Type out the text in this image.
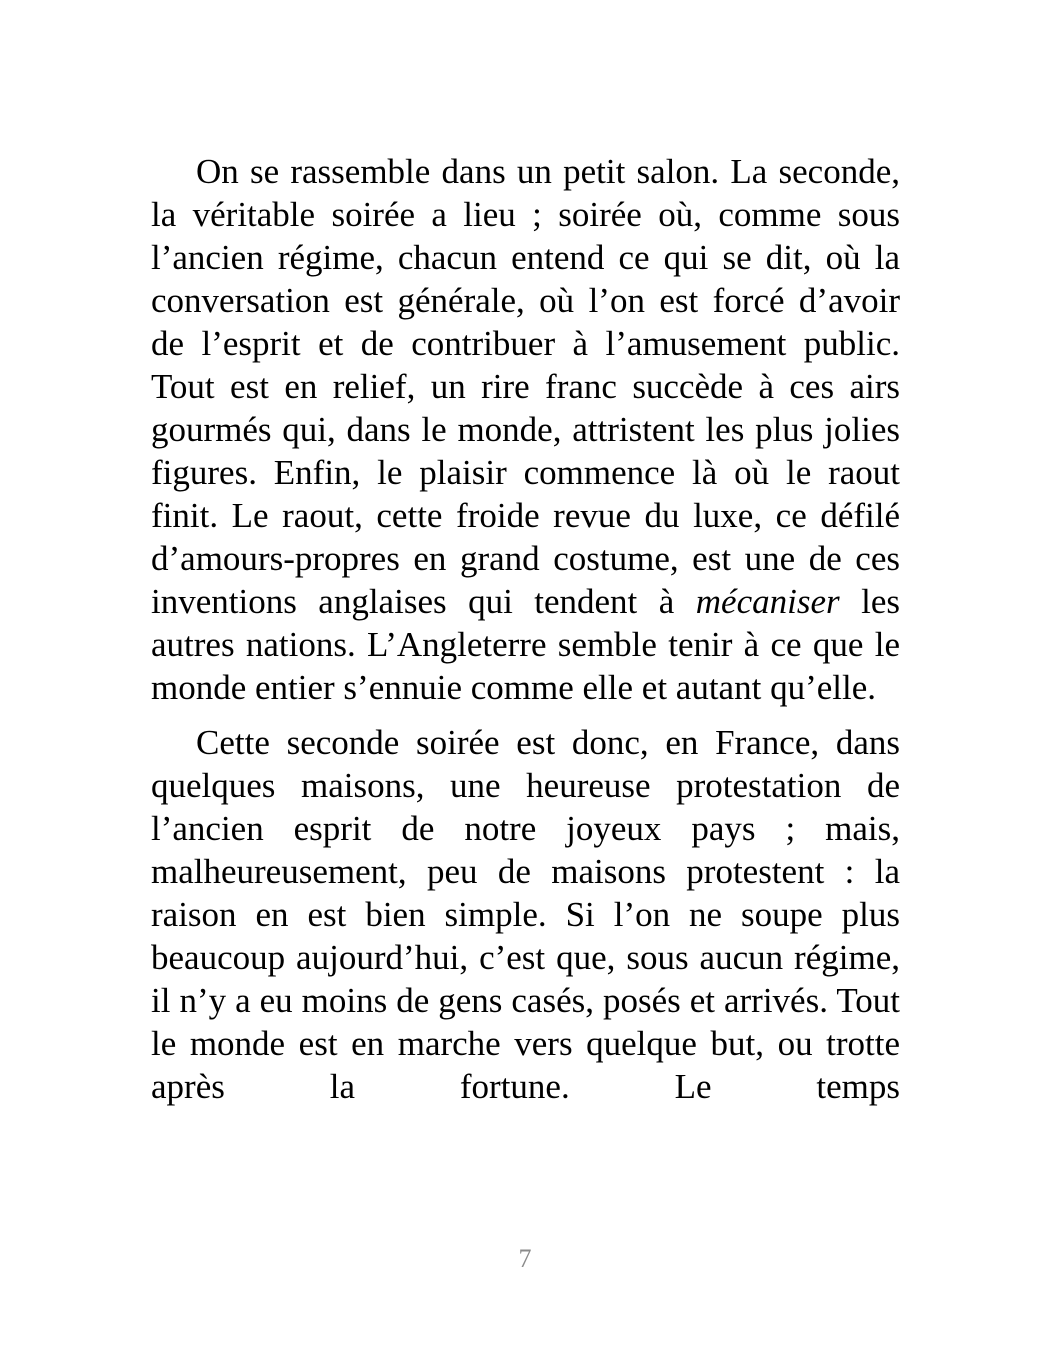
On se rassemble dans un petit salon. La seconde, la véritable soirée a lieu ; soirée où, comme sous l’ancien régime, chacun entend ce qui se dit, où la conversation est générale, où l’on est forcé d’avoir de l’esprit et de contribuer à l’amusement public. Tout est en relief, un rire franc succède à ces airs gourmés qui, dans le monde, attristent les plus jolies figures. Enfin, le plaisir commence là où le raout finit. Le raout, cette froide revue du luxe, ce défilé d’amours-propres en grand costume, est une de ces inventions anglaises qui tendent à mécaniser les autres nations. L’Angleterre semble tenir à ce que le monde entier s’ennuie comme elle et autant qu’elle.

Cette seconde soirée est donc, en France, dans quelques maisons, une heureuse protestation de l’ancien esprit de notre joyeux pays ; mais, malheureusement, peu de maisons protestent : la raison en est bien simple. Si l’on ne soupe plus beaucoup aujourd’hui, c’est que, sous aucun régime, il n’y a eu moins de gens casés, posés et arrivés. Tout le monde est en marche vers quelque but, ou trotte après la fortune. Le temps

7
